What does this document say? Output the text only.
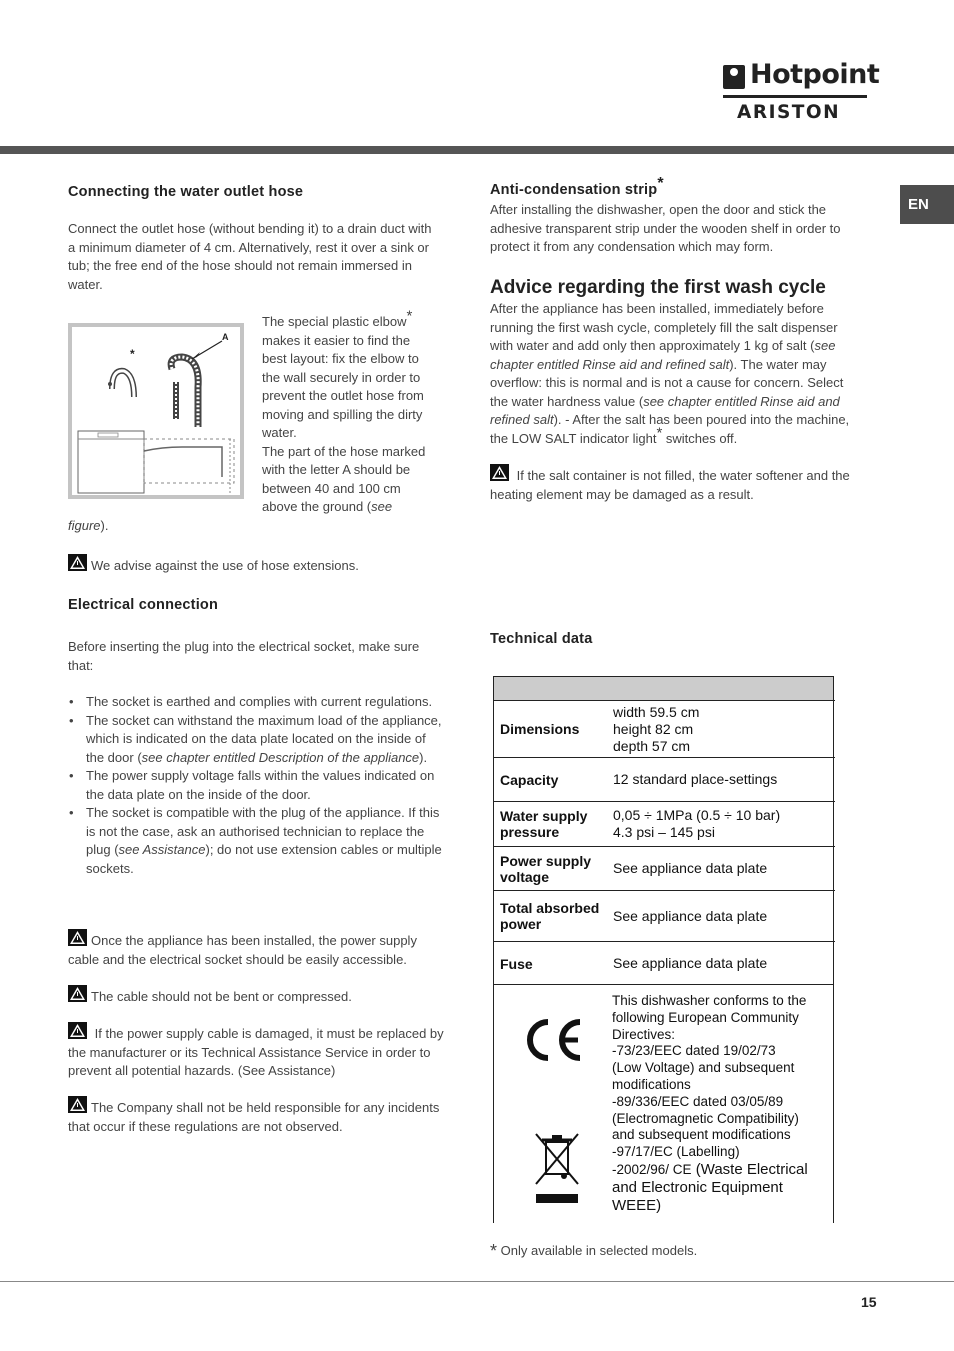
Hotpoint
ARISTON
EN
Connecting the water outlet hose
Connect the outlet hose (without bending it) to a drain duct with a minimum diameter of 4 cm. Alternatively, rest it over a sink or tub; the free end of the hose should not remain immersed in water.
A
*
The special plastic elbow*
makes it easier to find the
best layout: fix the elbow to
the wall securely in order to
prevent the outlet hose from
moving and spilling the dirty
water.
The part of the hose marked
with the letter A should be
between 40 and 100 cm
above the ground (see
figure).
We advise against the use of hose extensions.
Electrical connection
Before inserting the plug into the electrical socket, make sure that:
• The socket is earthed and complies with current regulations.
• The socket can withstand the maximum load of the appliance, which is indicated on the data plate located on the inside of the door (see chapter entitled Description of the appliance).
• The power supply voltage falls within the values indicated on the data plate on the inside of the door.
• The socket is compatible with the plug of the appliance. If this is not the case, ask an authorised technician to replace the plug (see Assistance); do not use extension cables or multiple sockets.
Once the appliance has been installed, the power supply cable and the electrical socket should be easily accessible.
The cable should not be bent or compressed.
If the power supply cable is damaged, it must be replaced by the manufacturer or its Technical Assistance Service in order to prevent all potential hazards. (See Assistance)
The Company shall not be held responsible for any incidents that occur if these regulations are not observed.
Anti-condensation strip*
After installing the dishwasher, open the door and stick the adhesive transparent strip under the wooden shelf in order to protect it from any condensation which may form.
Advice regarding the first wash cycle
After the appliance has been installed, immediately before running the first wash cycle, completely fill the salt dispenser with water and add only then approximately 1 kg of salt (see chapter entitled Rinse aid and refined salt). The water may overflow: this is normal and is not a cause for concern. Select the water hardness value (see chapter entitled Rinse aid and refined salt). - After the salt has been poured into the machine, the LOW SALT indicator light* switches off.
If the salt container is not filled, the water softener and the heating element may be damaged as a result.
Technical data
Dimensions	width 59.5 cm
height 82 cm
depth 57 cm

Capacity	12 standard place-settings

Water supply pressure	0,05 ÷ 1MPa (0.5 ÷ 10 bar)
4.3 psi – 145 psi

Power supply voltage	See appliance data plate

Total absorbed power	See appliance data plate

Fuse	See appliance data plate
This dishwasher conforms to the
following European Community
Directives:
-73/23/EEC dated 19/02/73
(Low Voltage) and subsequent
modifications
-89/336/EEC dated 03/05/89
(Electromagnetic Compatibility)
and subsequent modifications
-97/17/EC (Labelling)
-2002/96/ CE (Waste Electrical and Electronic Equipment WEEE)
* Only available in selected models.
15
